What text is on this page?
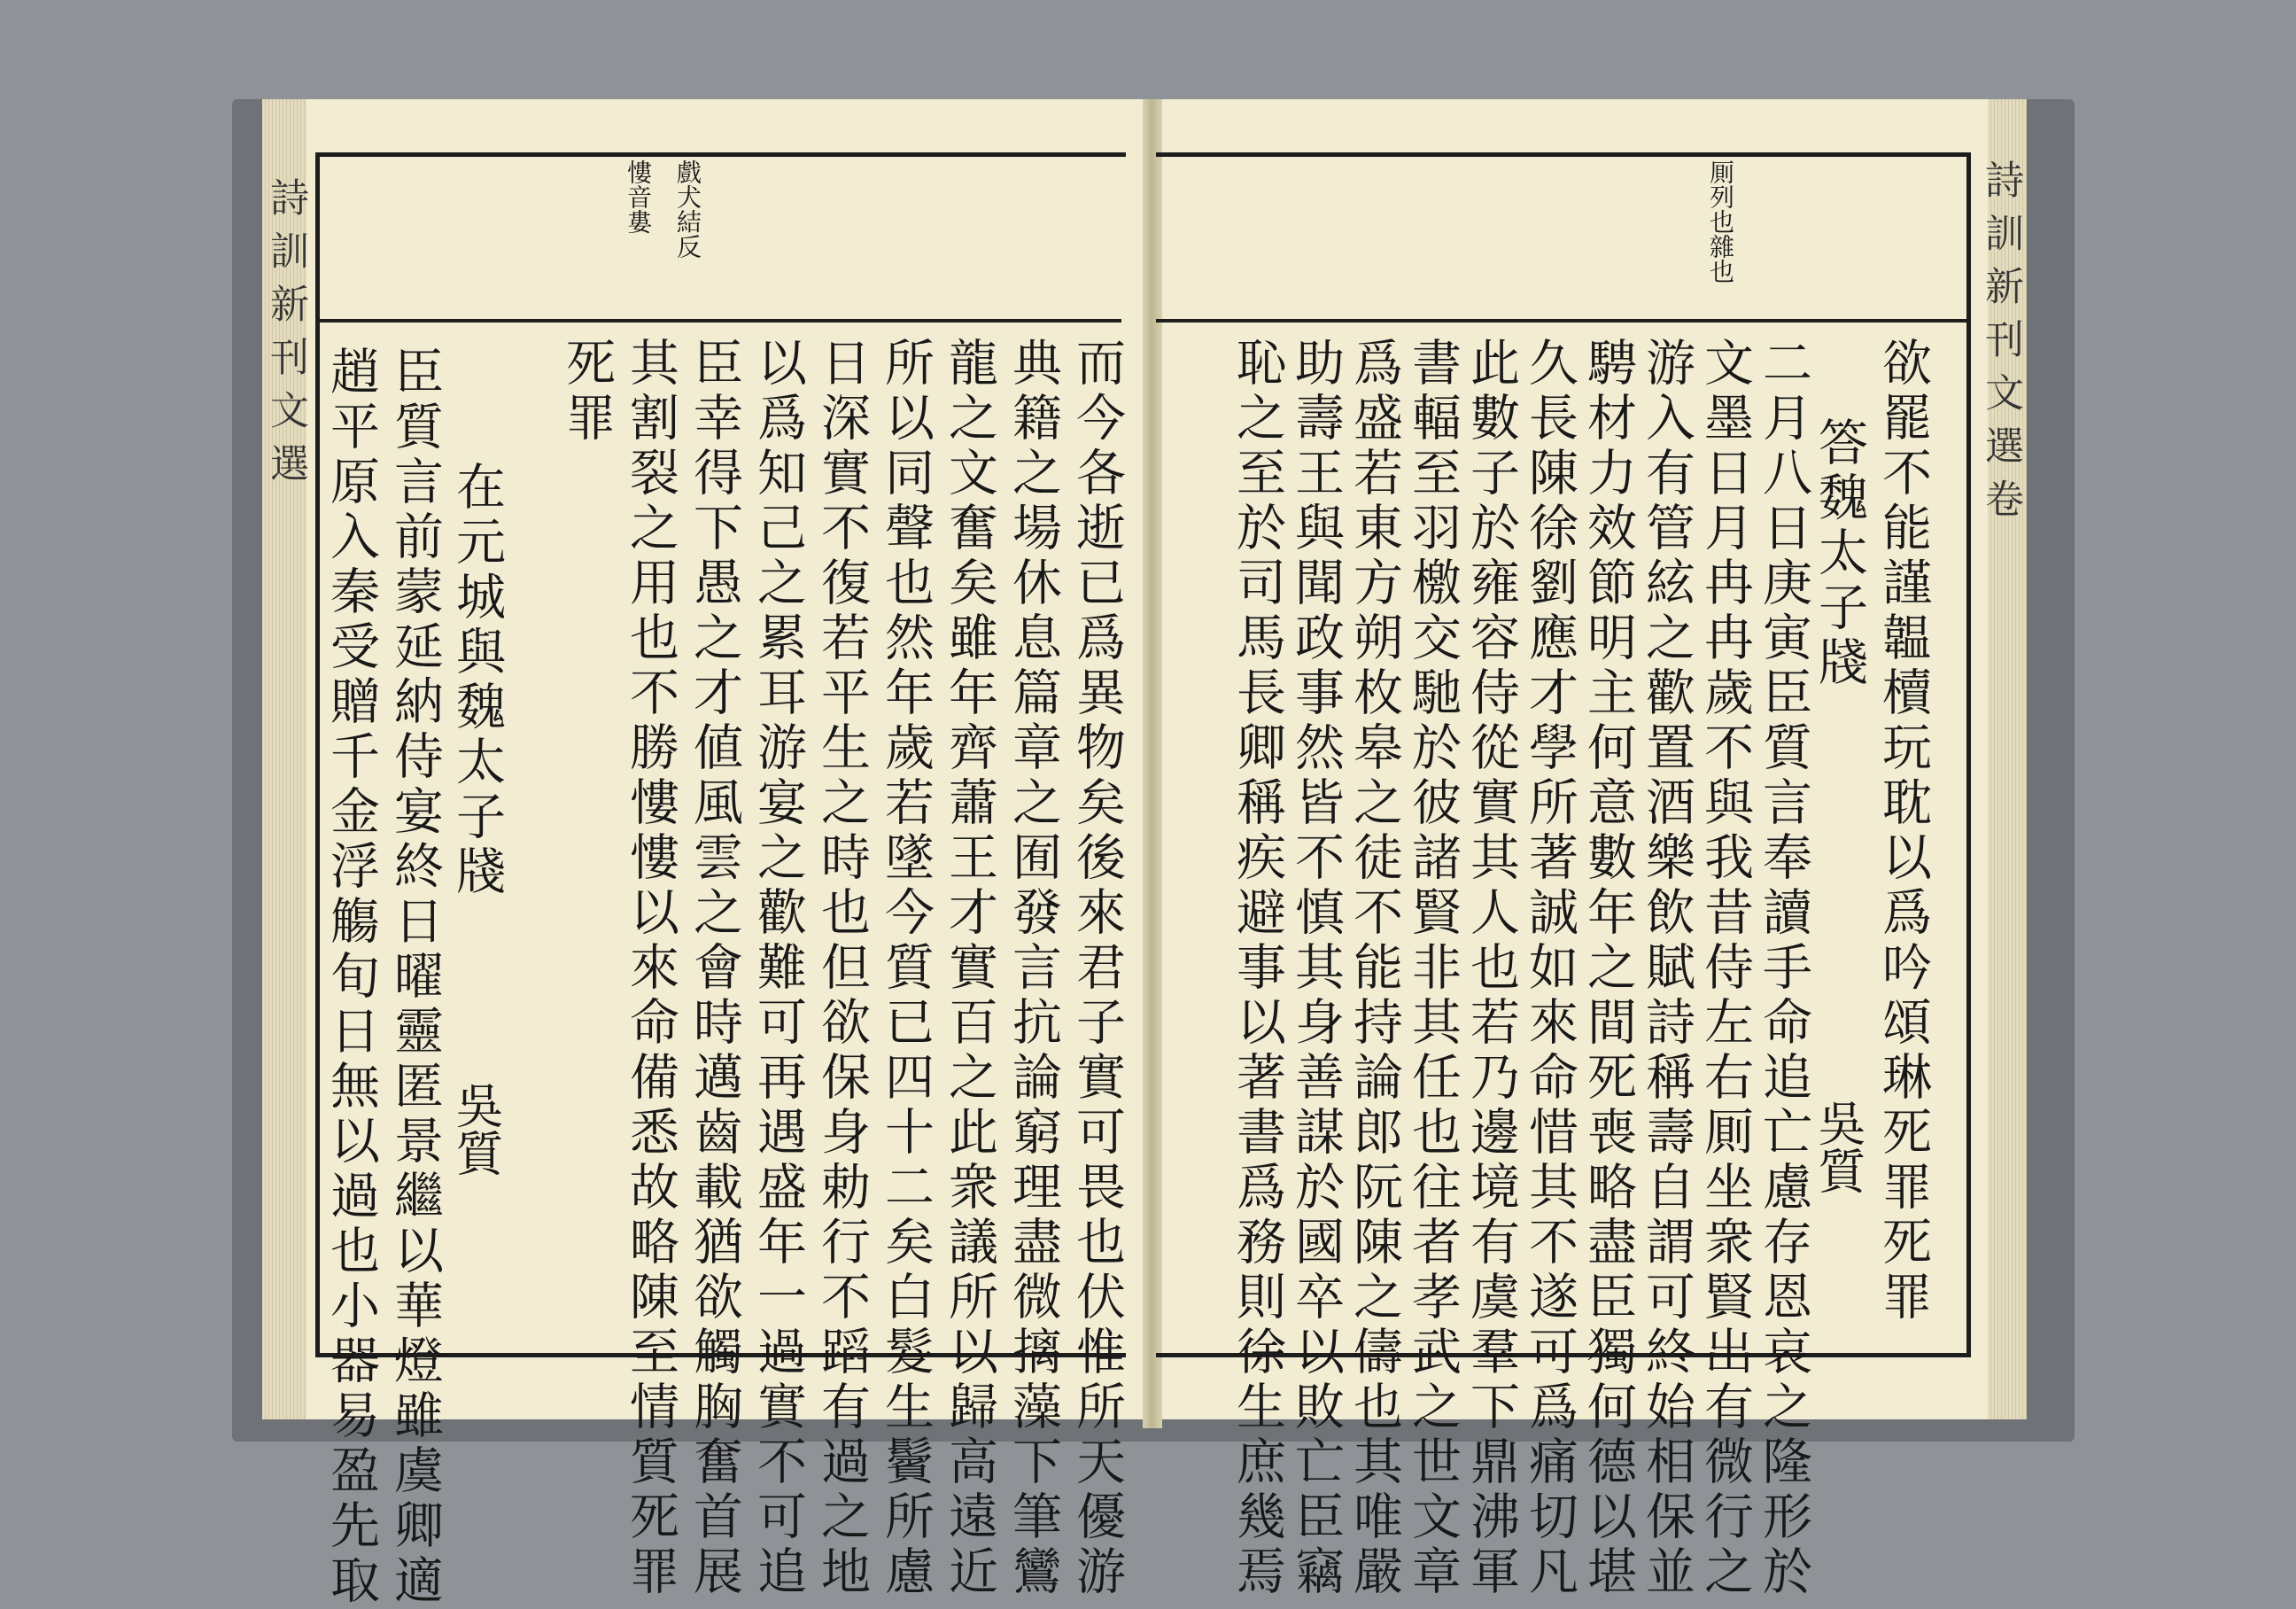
詩訓新刊文選	詩訓新刊文選卷
戲犬結反
慺音婁	厠列也雜也
而今各逝已爲異物矣後來君子實可畏也伏惟所天優游
典籍之場休息篇章之囿發言抗論窮理盡微摛藻下筆鸞
龍之文奮矣雖年齊蕭王才實百之此衆議所以歸高遠近
所以同聲也然年歲若墜今質已四十二矣白髮生鬢所慮
日深實不復若平生之時也但欲保身勅行不蹈有過之地
以爲知己之累耳游宴之歡難可再遇盛年一過實不可追
臣幸得下愚之才値風雲之會時邁齒載猶欲觸胸奮首展
其割裂之用也不勝慺慺以來命備悉故略陳至情質死罪
死罪
在元城與魏太子牋
吳質
臣質言前蒙延納侍宴終日曜靈匿景繼以華燈雖虞卿適
趙平原入秦受贈千金浮觴旬日無以過也小器易盈先取	欲罷不能謹韞櫝玩耽以爲吟頌琳死罪死罪
二月八日庚寅臣質言奉讀手命追亡慮存恩哀之隆形於
文墨日月冉冉歲不與我昔侍左右厠坐衆賢出有微行之
游入有管絃之歡置酒樂飲賦詩稱壽自謂可終始相保並
騁材力效節明主何意數年之間死喪略盡臣獨何德以堪
久長陳徐劉應才學所著誠如來命惜其不遂可爲痛切凡
此數子於雍容侍從實其人也若乃邊境有虞羣下鼎沸軍
書輻至羽檄交馳於彼諸賢非其任也往者孝武之世文章
爲盛若東方朔枚皋之徒不能持論郎阮陳之儔也其唯嚴
助壽王與聞政事然皆不慎其身善謀於國卒以敗亡臣竊
恥之至於司馬長卿稱疾避事以著書爲務則徐生庶幾焉	答魏太子牋
吳質
